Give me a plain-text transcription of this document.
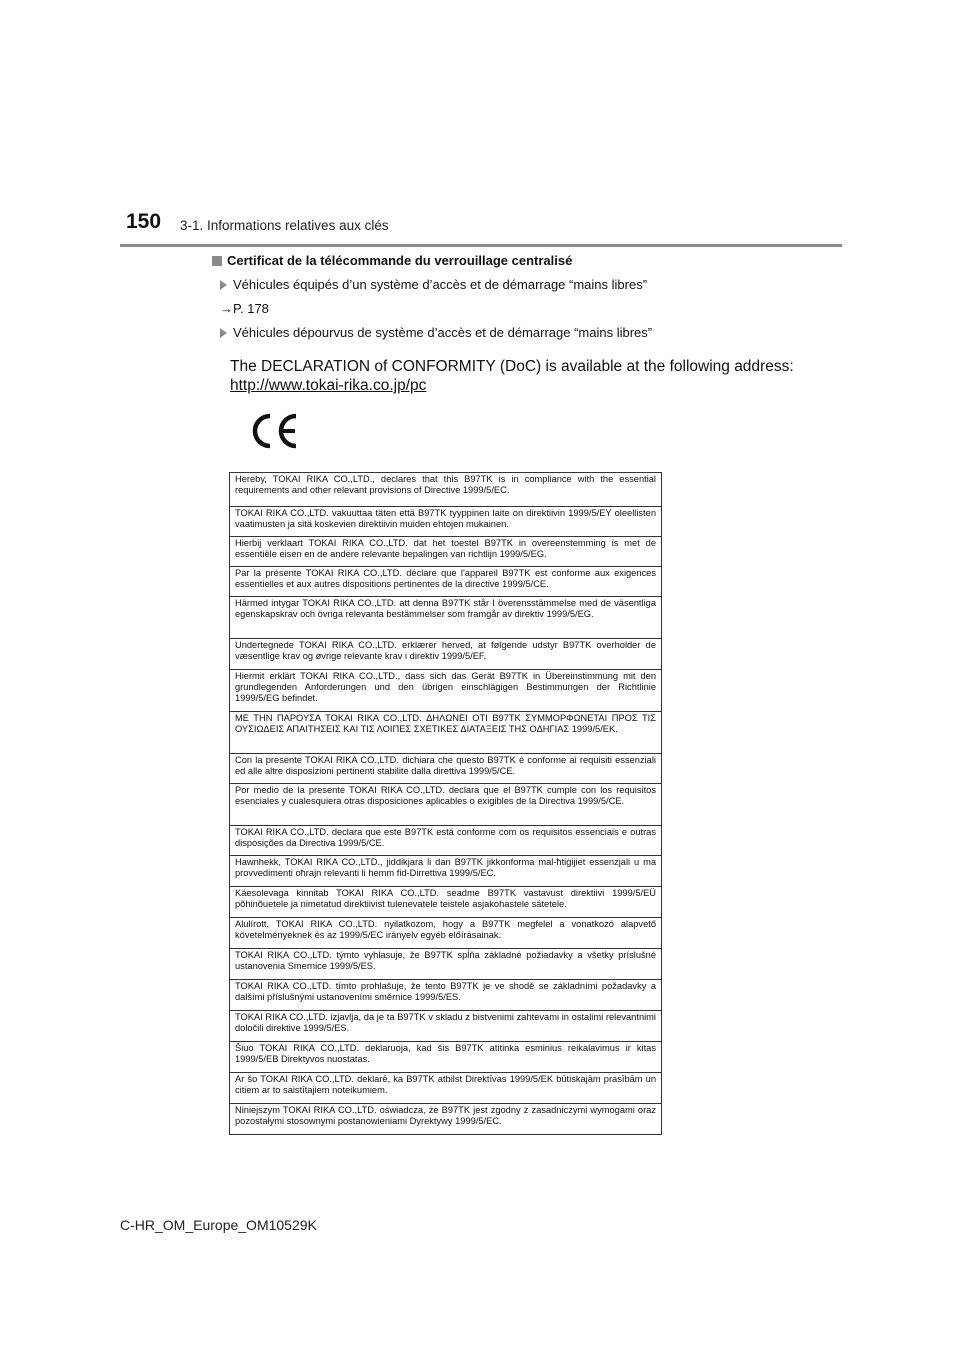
150 3-1. Informations relatives aux clés
Certificat de la télécommande du verrouillage centralisé
Véhicules équipés d’un système d’accès et de démarrage “mains libres”
→P. 178
Véhicules dépourvus de système d’accès et de démarrage “mains libres”
The DECLARATION of CONFORMITY (DoC) is available at the following address:
http://www.tokai-rika.co.jp/pc
Hereby, TOKAI RIKA CO.,LTD., declares that this B97TK is in compliance with the essential requirements and other relevant provisions of Directive 1999/5/EC.
TOKAI RIKA CO.,LTD. vakuuttaa täten että B97TK tyyppinen laite on direktiivin 1999/5/EY oleellisten vaatimusten ja sitä koskevien direktiivin muiden ehtojen mukainen.
Hierbij verklaart TOKAI RIKA CO.,LTD. dat het toestel B97TK in overeenstemming is met de essentiële eisen en de andere relevante bepalingen van richtlijn 1999/5/EG.
Par la présente TOKAI RIKA CO.,LTD. déclare que l'appareil B97TK est conforme aux exigences essentielles et aux autres dispositions pertinentes de la directive 1999/5/CE.
Härmed intygar TOKAI RIKA CO.,LTD. att denna B97TK står I överensstämmelse med de väsentliga egenskapskrav och övriga relevanta bestämmelser som framgår av direktiv 1999/5/EG.
Undertegnede TOKAI RIKA CO.,LTD. erklærer herved, at følgende udstyr B97TK overholder de væsentlige krav og øvrige relevante krav i direktiv 1999/5/EF.
Hiermit erklärt TOKAI RIKA CO.,LTD., dass sich das Gerät B97TK in Übereinstimmung mit den grundlegenden Anforderungen und den übrigen einschlägigen Bestimmungen der Richtlinie 1999/5/EG befindet.
ΜΕ ΤΗΝ ΠΑΡΟΥΣΑ TOKAI RIKA CO.,LTD. ΔΗΛΩΝΕΙ ΟΤΙ B97TK ΣΥΜΜΟΡΦΩΝΕΤΑΙ ΠΡΟΣ ΤΙΣ ΟΥΣΙΩΔΕΙΣ ΑΠΑΙΤΗΣΕΙΣ ΚΑΙ ΤΙΣ ΛΟΙΠΕΣ ΣΧΕΤΙΚΕΣ ΔΙΑΤΑΞΕΙΣ ΤΗΣ ΟΔΗΓΙΑΣ 1999/5/ΕΚ.
Con la presente TOKAI RIKA CO.,LTD. dichiara che questo B97TK è conforme ai requisiti essenziali ed alle altre disposizioni pertinenti stabilite dalla direttiva 1999/5/CE.
Por medio de la presente TOKAI RIKA CO.,LTD. declara que el B97TK cumple con los requisitos esenciales y cualesquiera otras disposiciones aplicables o exigibles de la Directiva 1999/5/CE.
TOKAI RIKA CO.,LTD. declara que este B97TK está conforme com os requisitos essenciais e outras disposições da Directiva 1999/5/CE.
Hawnhekk, TOKAI RIKA CO.,LTD., jiddikjara li dan B97TK jikkonforma mal-ħtiġijiet essenzjali u ma provvedimenti oħrajn relevanti li hemm fid-Dirrettiva 1999/5/EC.
Käesolevaga kinnitab TOKAI RIKA CO.,LTD. seadme B97TK vastavust direktiivi 1999/5/EÜ põhinõuetele ja nimetatud direktiivist tulenevatele teistele asjakohastele sätetele.
Alulírott, TOKAI RIKA CO.,LTD. nyilatkozom, hogy a B97TK megfelel a vonatkozó alapvető követelményeknek és az 1999/5/EC irányelv egyéb előírásainak.
TOKAI RIKA CO.,LTD. týmto vyhlasuje, že B97TK spĺňa základné požiadavky a všetky príslušné ustanovenia Smernice 1999/5/ES.
TOKAI RIKA CO.,LTD. tímto prohlašuje, že tento B97TK je ve shodě se základními požadavky a dalšími příslušnými ustanoveními směrnice 1999/5/ES.
TOKAI RIKA CO.,LTD. izjavlja, da je ta B97TK v skladu z bistvenimi zahtevami in ostalimi relevantnimi določili direktive 1999/5/ES.
Šiuo TOKAI RIKA CO.,LTD. deklaruoja, kad šis B97TK atitinka esminius reikalavimus ir kitas 1999/5/EB Direktyvos nuostatas.
Ar šo TOKAI RIKA CO.,LTD. deklarē, ka B97TK atbilst Direktīvas 1999/5/EK būtiskajām prasībām un citiem ar to saistītajiem noteikumiem.
Niniejszym TOKAI RIKA CO.,LTD. oświadcza, że B97TK jest zgodny z zasadniczymi wymogami oraz pozostałymi stosownymi postanowieniami Dyrektywy 1999/5/EC.
C-HR_OM_Europe_OM10529K
